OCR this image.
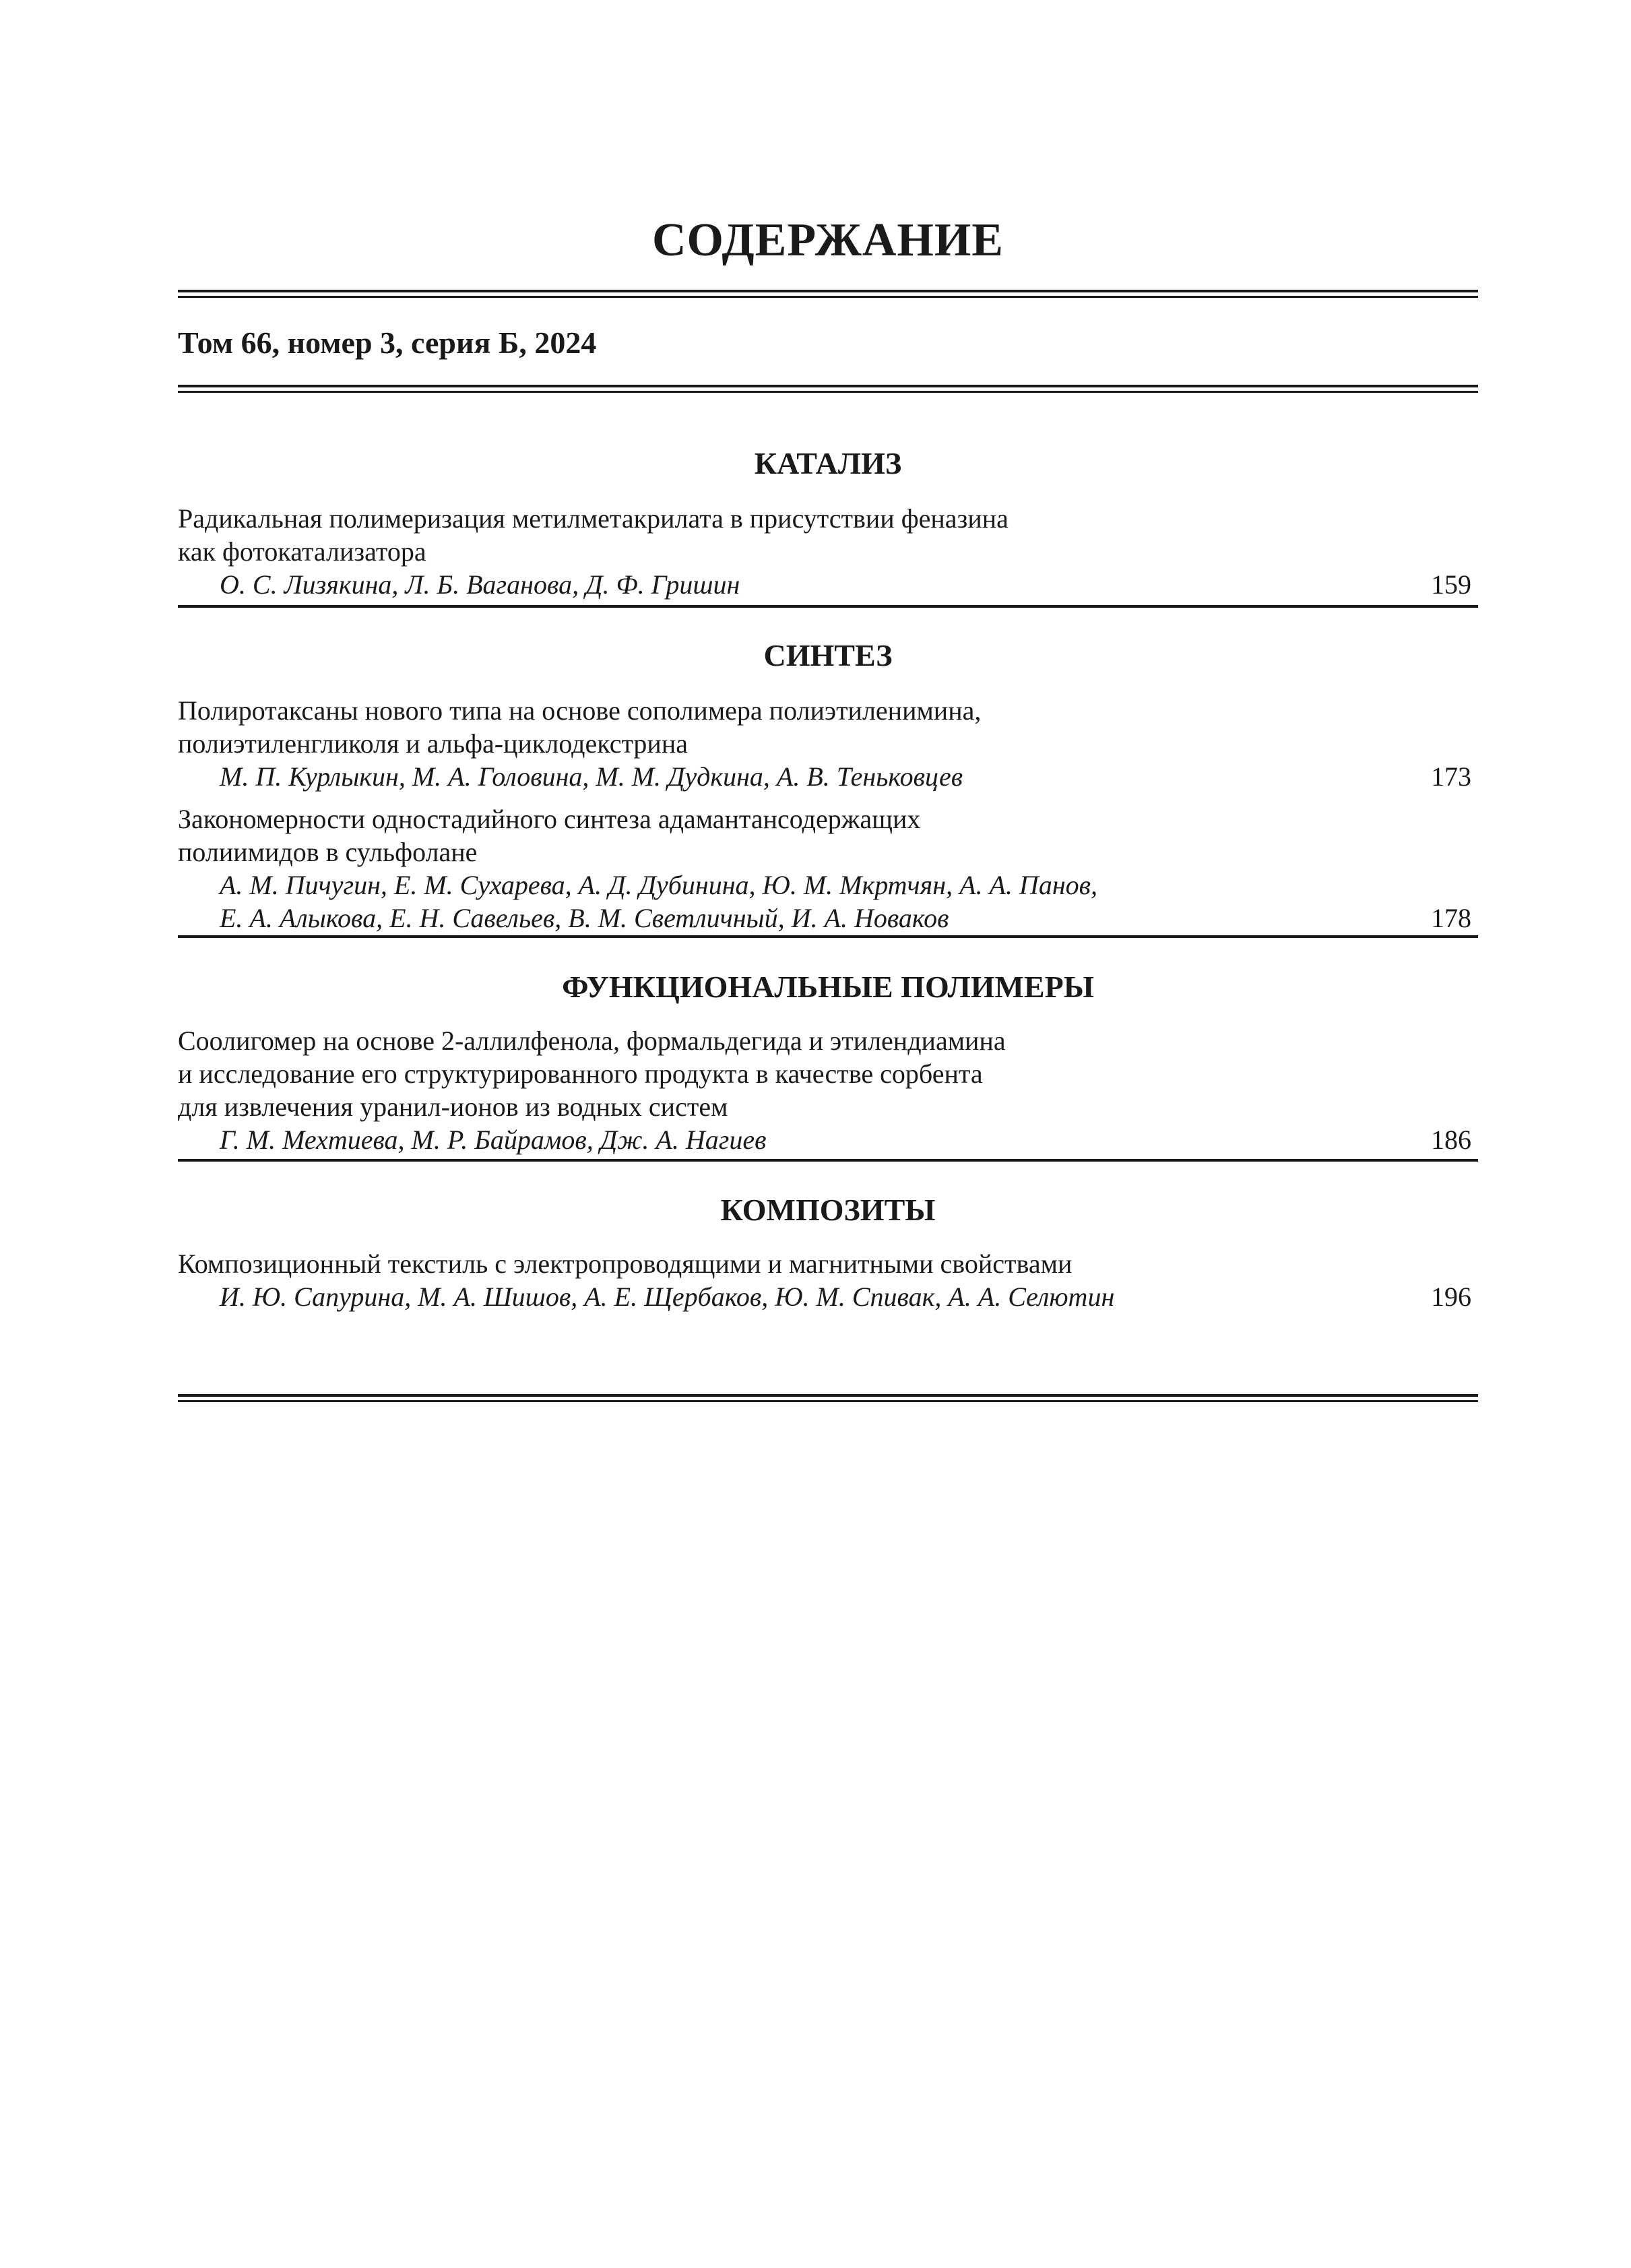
СОДЕРЖАНИЕ
Том 66, номер 3, серия Б, 2024
КАТАЛИЗ
Радикальная полимеризация метилметакрилата в присутствии феназина
как фотокатализатора
О. С. Лизякина, Л. Б. Ваганова, Д. Ф. Гришин	159
СИНТЕЗ
Полиротаксаны нового типа на основе сополимера полиэтиленимина,
полиэтиленгликоля и альфа-циклодекстрина
М. П. Курлыкин, М. А. Головина, М. М. Дудкина, А. В. Теньковцев	173
Закономерности одностадийного синтеза адамантансодержащих
полиимидов в сульфолане
А. М. Пичугин, Е. М. Сухарева, А. Д. Дубинина, Ю. М. Мкртчян, А. А. Панов,
Е. А. Алыкова, Е. Н. Савельев, В. М. Светличный, И. А. Новаков	178
ФУНКЦИОНАЛЬНЫЕ ПОЛИМЕРЫ
Соолигомер на основе 2-аллилфенола, формальдегида и этилендиамина
и исследование его структурированного продукта в качестве сорбента
для извлечения уранил-ионов из водных систем
Г. М. Мехтиева, М. Р. Байрамов, Дж. А. Нагиев	186
КОМПОЗИТЫ
Композиционный текстиль с электропроводящими и магнитными свойствами
И. Ю. Сапурина, М. А. Шишов, А. Е. Щербаков, Ю. М. Спивак, А. А. Селютин	196
